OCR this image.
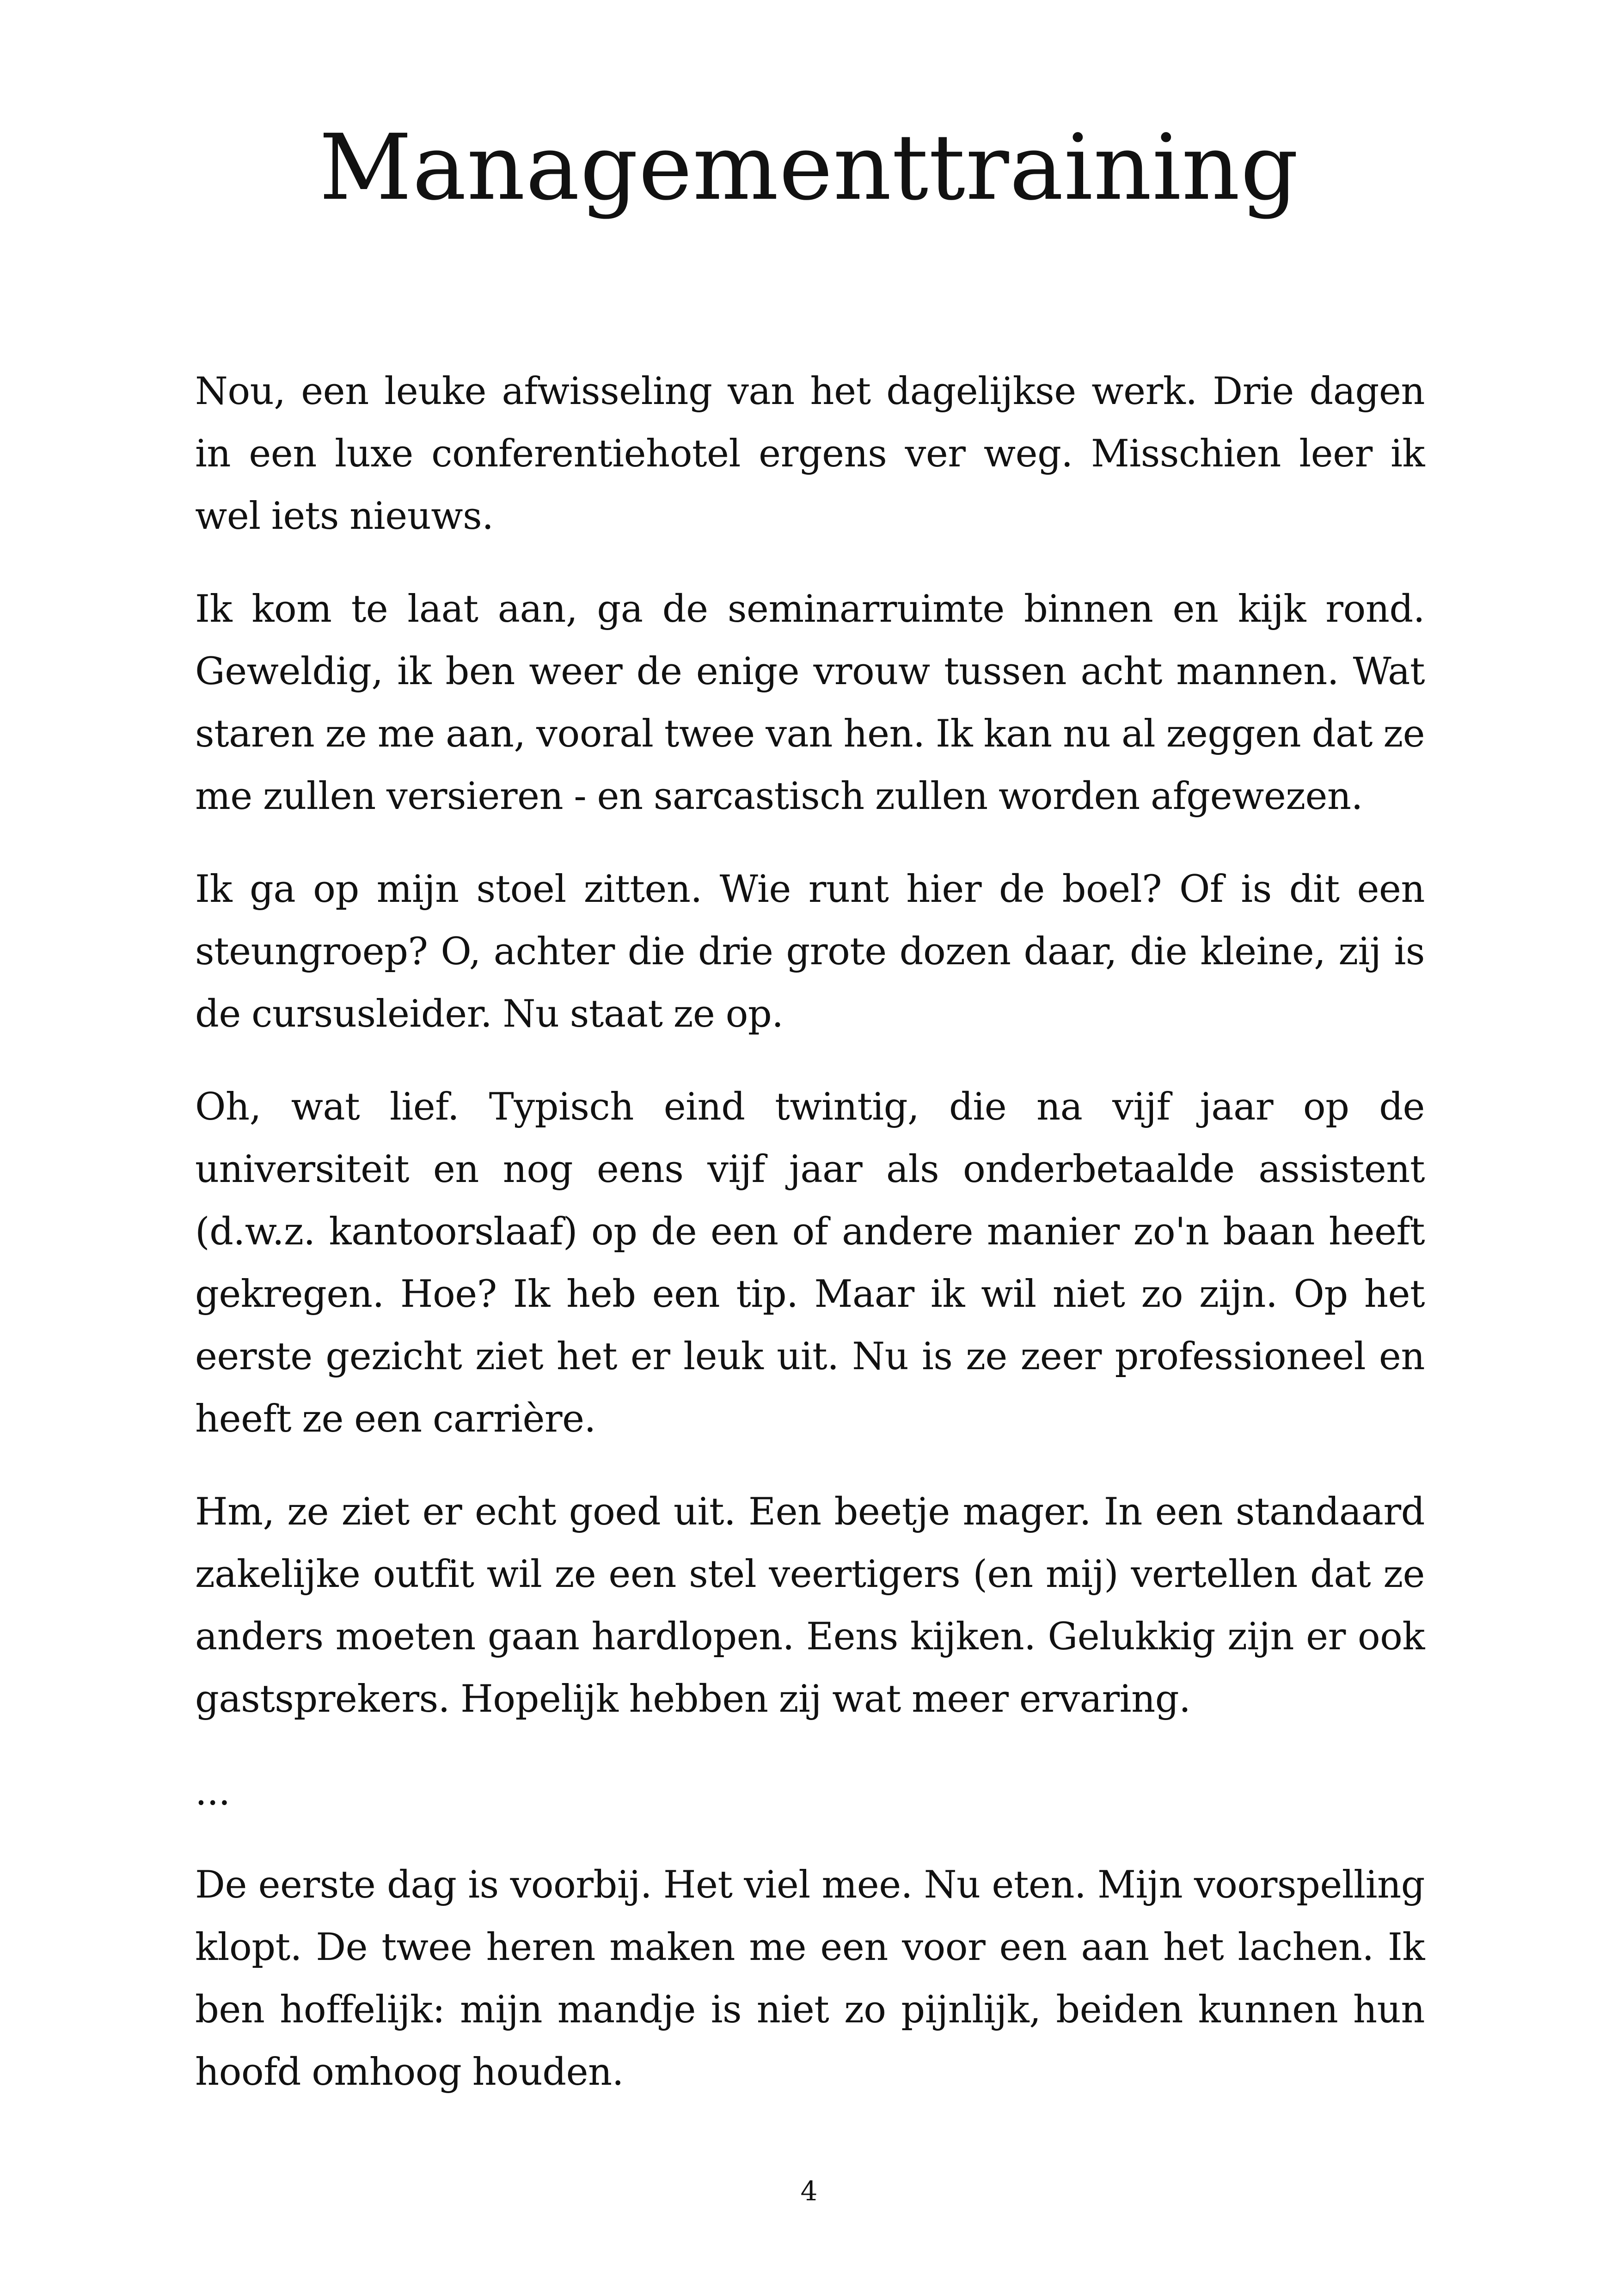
Managementtraining

Nou, een leuke afwisseling van het dagelijkse werk. Drie dagen in een luxe conferentiehotel ergens ver weg. Misschien leer ik wel iets nieuws.

Ik kom te laat aan, ga de seminarruimte binnen en kijk rond. Geweldig, ik ben weer de enige vrouw tussen acht mannen. Wat staren ze me aan, vooral twee van hen. Ik kan nu al zeggen dat ze me zullen versieren - en sarcastisch zullen worden afgewezen.

Ik ga op mijn stoel zitten. Wie runt hier de boel? Of is dit een steungroep? O, achter die drie grote dozen daar, die kleine, zij is de cursusleider. Nu staat ze op.

Oh, wat lief. Typisch eind twintig, die na vijf jaar op de universiteit en nog eens vijf jaar als onderbetaalde assistent (d.w.z. kantoorslaaf) op de een of andere manier zo'n baan heeft gekregen. Hoe? Ik heb een tip. Maar ik wil niet zo zijn. Op het eerste gezicht ziet het er leuk uit. Nu is ze zeer professioneel en heeft ze een carrière.

Hm, ze ziet er echt goed uit. Een beetje mager. In een standaard zakelijke outfit wil ze een stel veertigers (en mij) vertellen dat ze anders moeten gaan hardlopen. Eens kijken. Gelukkig zijn er ook gastsprekers. Hopelijk hebben zij wat meer ervaring.

...

De eerste dag is voorbij. Het viel mee. Nu eten. Mijn voorspelling klopt. De twee heren maken me een voor een aan het lachen. Ik ben hoffelijk: mijn mandje is niet zo pijnlijk, beiden kunnen hun hoofd omhoog houden.

4
